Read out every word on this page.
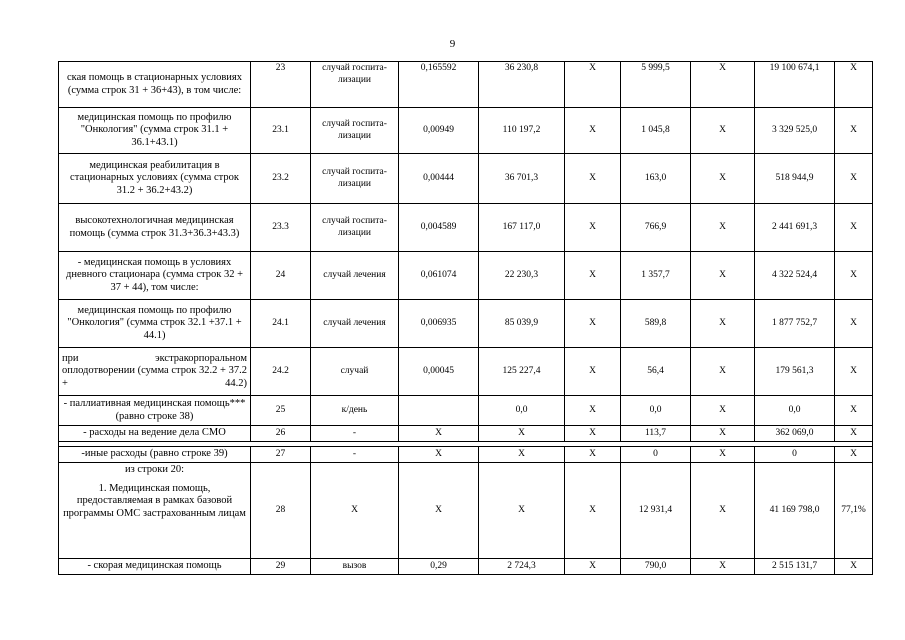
9
ская помощь в стационарных условиях (сумма строк 31 + 36+43), в том числе:	23	случай госпита-лизации	0,165592	36 230,8	X	5 999,5	X	19 100 674,1	X
медицинская помощь по профилю "Онкология" (сумма строк 31.1 + 36.1+43.1)	23.1	случай госпита-лизации	0,00949	110 197,2	X	1 045,8	X	3 329 525,0	X
медицинская реабилитация в стационарных условиях (сумма строк 31.2 + 36.2+43.2)	23.2	случай госпита-лизации	0,00444	36 701,3	X	163,0	X	518 944,9	X
высокотехнологичная медицинская помощь (сумма строк 31.3+36.3+43.3)	23.3	случай госпита-лизации	0,004589	167 117,0	X	766,9	X	2 441 691,3	X
- медицинская помощь в условиях дневного стационара (сумма строк 32 + 37 + 44), том числе:	24	случай лечения	0,061074	22 230,3	X	1 357,7	X	4 322 524,4	X
медицинская помощь по профилю "Онкология" (сумма строк 32.1 +37.1 + 44.1)	24.1	случай лечения	0,006935	85 039,9	X	589,8	X	1 877 752,7	X
при экстракорпоральном оплодотворении (сумма строк 32.2 + 37.2 + 44.2)	24.2	случай	0,00045	125 227,4	X	56,4	X	179 561,3	X
- паллиативная медицинская помощь*** (равно строке 38)	25	к/день		0,0	X	0,0	X	0,0	X
- расходы на ведение дела СМО	26	-	X	X	X	113,7	X	362 069,0	X

-иные расходы (равно строке 39)	27	-	X	X	X	0	X	0	X

из строки 20:
1. Медицинская помощь, предоставляемая в рамках базовой программы ОМС застрахованным лицам	28	X	X	X	X	12 931,4	X	41 169 798,0	77,1%
- скорая медицинская помощь	29	вызов	0,29	2 724,3	X	790,0	X	2 515 131,7	X
